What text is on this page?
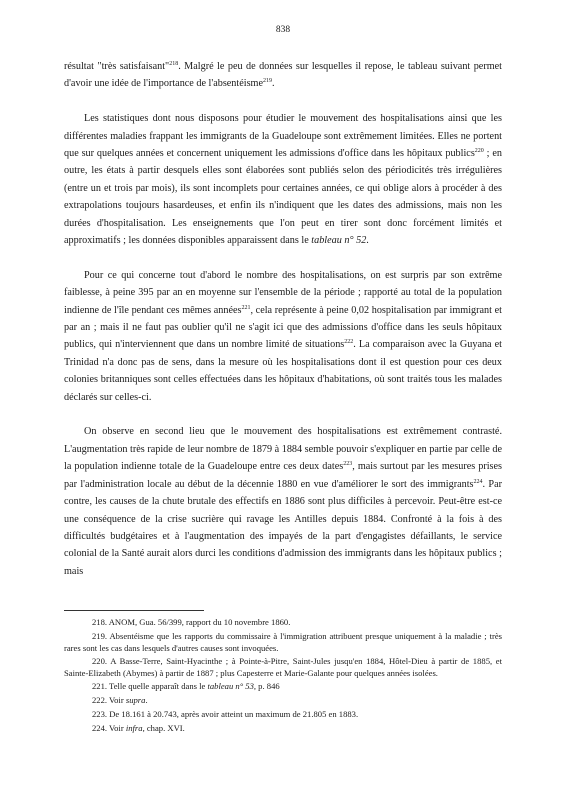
838

résultat "très satisfaisant"$^{218}$. Malgré le peu de données sur lesquelles il repose, le tableau suivant permet d'avoir une idée de l'importance de l'absentéisme$^{219}$.

Les statistiques dont nous disposons pour étudier le mouvement des hospitalisations ainsi que les différentes maladies frappant les immigrants de la Guadeloupe sont extrêmement limitées. Elles ne portent que sur quelques années et concernent uniquement les admissions d'office dans les hôpitaux publics$^{220}$ ; en outre, les états à partir desquels elles sont élaborées sont publiés selon des périodicités très irrégulières (entre un et trois par mois), ils sont incomplets pour certaines années, ce qui oblige alors à procéder à des extrapolations toujours hasardeuses, et enfin ils n'indiquent que les dates des admissions, mais non les durées d'hospitalisation. Les enseignements que l'on peut en tirer sont donc forcément limités et approximatifs ; les données disponibles apparaissent dans le tableau n° 52.

Pour ce qui concerne tout d'abord le nombre des hospitalisations, on est surpris par son extrême faiblesse, à peine 395 par an en moyenne sur l'ensemble de la période ; rapporté au total de la population indienne de l'île pendant ces mêmes années$^{221}$, cela représente à peine 0,02 hospitalisation par immigrant et par an ; mais il ne faut pas oublier qu'il ne s'agit ici que des admissions d'office dans les seuls hôpitaux publics, qui n'interviennent que dans un nombre limité de situations$^{222}$. La comparaison avec la Guyana et Trinidad n'a donc pas de sens, dans la mesure où les hospitalisations dont il est question pour ces deux colonies britanniques sont celles effectuées dans les hôpitaux d'habitations, où sont traités tous les malades déclarés sur celles-ci.

On observe en second lieu que le mouvement des hospitalisations est extrêmement contrasté. L'augmentation très rapide de leur nombre de 1879 à 1884 semble pouvoir s'expliquer en partie par celle de la population indienne totale de la Guadeloupe entre ces deux dates$^{223}$, mais surtout par les mesures prises par l'administration locale au début de la décennie 1880 en vue d'améliorer le sort des immigrants$^{224}$. Par contre, les causes de la chute brutale des effectifs en 1886 sont plus difficiles à percevoir. Peut-être est-ce une conséquence de la crise sucrière qui ravage les Antilles depuis 1884. Confronté à la fois à des difficultés budgétaires et à l'augmentation des impayés de la part d'engagistes défaillants, le service colonial de la Santé aurait alors durci les conditions d'admission des immigrants dans les hôpitaux publics ; mais

218. ANOM, Gua. 56/399, rapport du 10 novembre 1860.

219. Absentéisme que les rapports du commissaire à l'immigration attribuent presque uniquement à la maladie ; très rares sont les cas dans lesquels d'autres causes sont invoquées.

220. A Basse-Terre, Saint-Hyacinthe ; à Pointe-à-Pitre, Saint-Jules jusqu'en 1884, Hôtel-Dieu à partir de 1885, et Sainte-Elizabeth (Abymes) à partir de 1887 ; plus Capesterre et Marie-Galante pour quelques années isolées.

221. Telle quelle apparaît dans le tableau n° 53, p. 846

222. Voir supra.

223. De 18.161 à 20.743, après avoir atteint un maximum de 21.805 en 1883.

224. Voir infra, chap. XVI.
